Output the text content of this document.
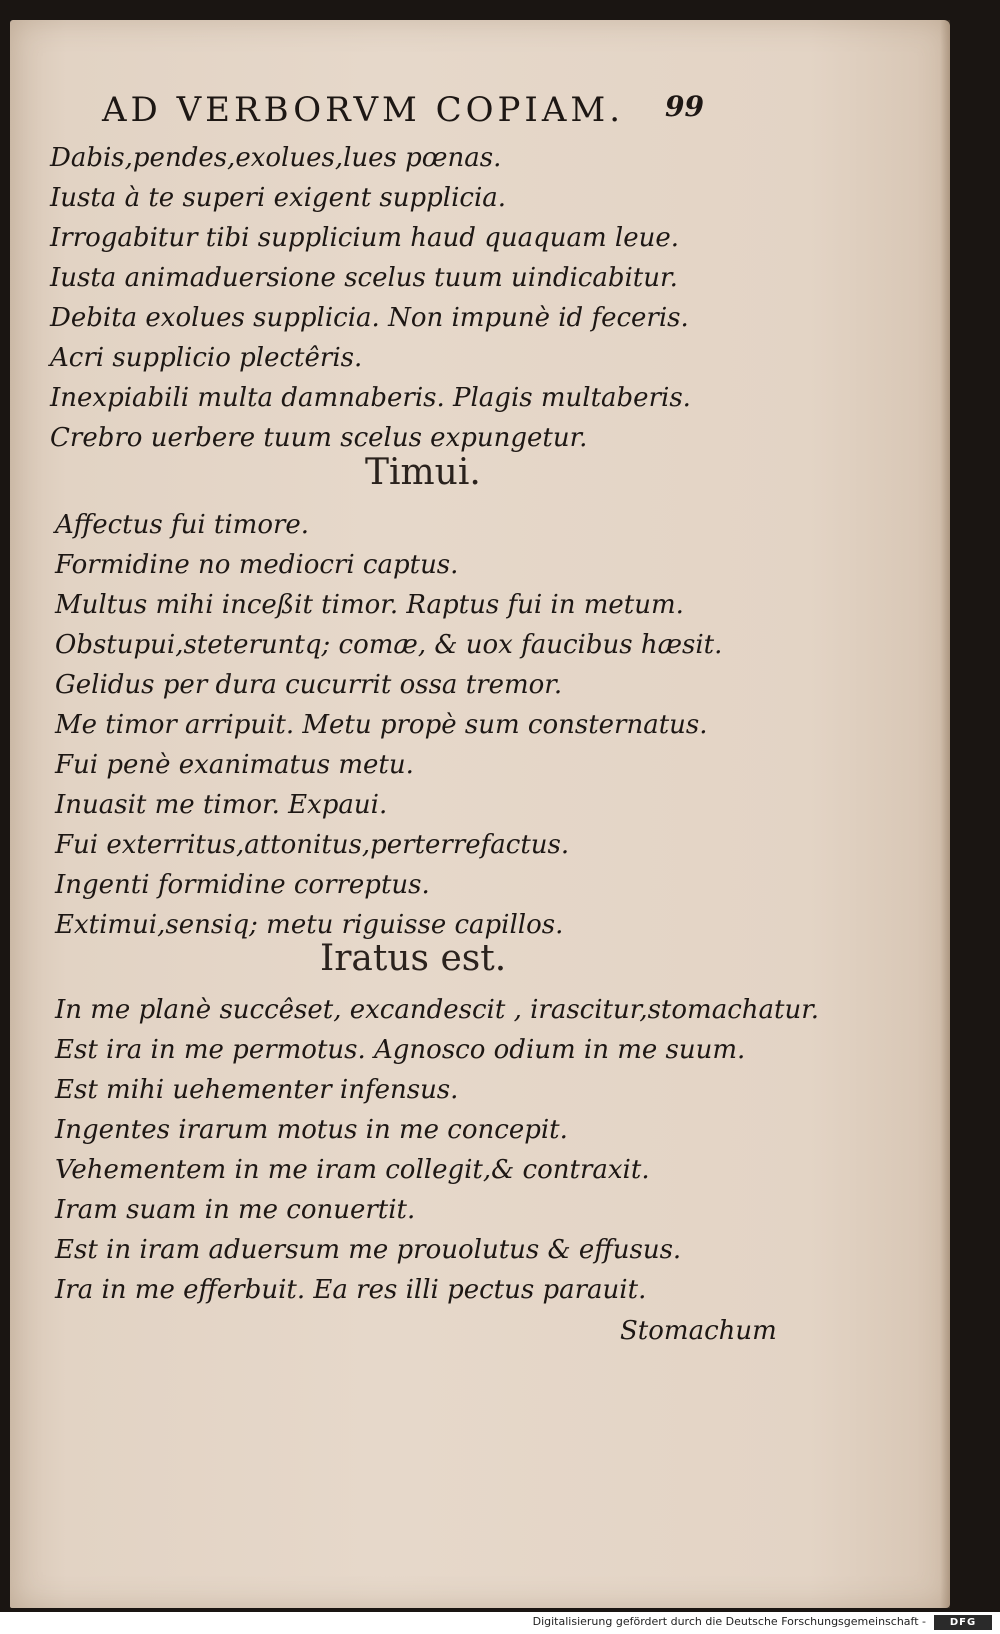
AD VERBORVM COPIAM. 99
Dabis,pendes,exolues,lues pœnas.
Iusta à te superi exigent supplicia.
Irrogabitur tibi supplicium haud quaquam leue.
Iusta animaduersione scelus tuum uindicabitur.
Debita exolues supplicia. Non impunè id feceris.
Acri supplicio plectêris.
Inexpiabili multa damnaberis. Plagis multaberis.
Crebro uerbere tuum scelus expungetur.
Timui.
Affectus fui timore.
Formidine no mediocri captus.
Multus mihi inceßit timor. Raptus fui in metum.
Obstupui,steteruntq; comæ, & uox faucibus hæsit.
Gelidus per dura cucurrit ossa tremor.
Me timor arripuit. Metu propè sum consternatus.
Fui penè exanimatus metu.
Inuasit me timor. Expaui.
Fui exterritus,attonitus,perterrefactus.
Ingenti formidine correptus.
Extimui,sensiq; metu riguisse capillos.
Iratus est.
In me planè succêset, excandescit , irascitur,stomachatur.
Est ira in me permotus. Agnosco odium in me suum.
Est mihi uehementer infensus.
Ingentes irarum motus in me concepit.
Vehementem in me iram collegit,& contraxit.
Iram suam in me conuertit.
Est in iram aduersum me prouolutus & effusus.
Ira in me efferbuit. Ea res illi pectus parauit.
Stomachum
Digitalisierung gefördert durch die Deutsche Forschungsgemeinschaft -	DFG
